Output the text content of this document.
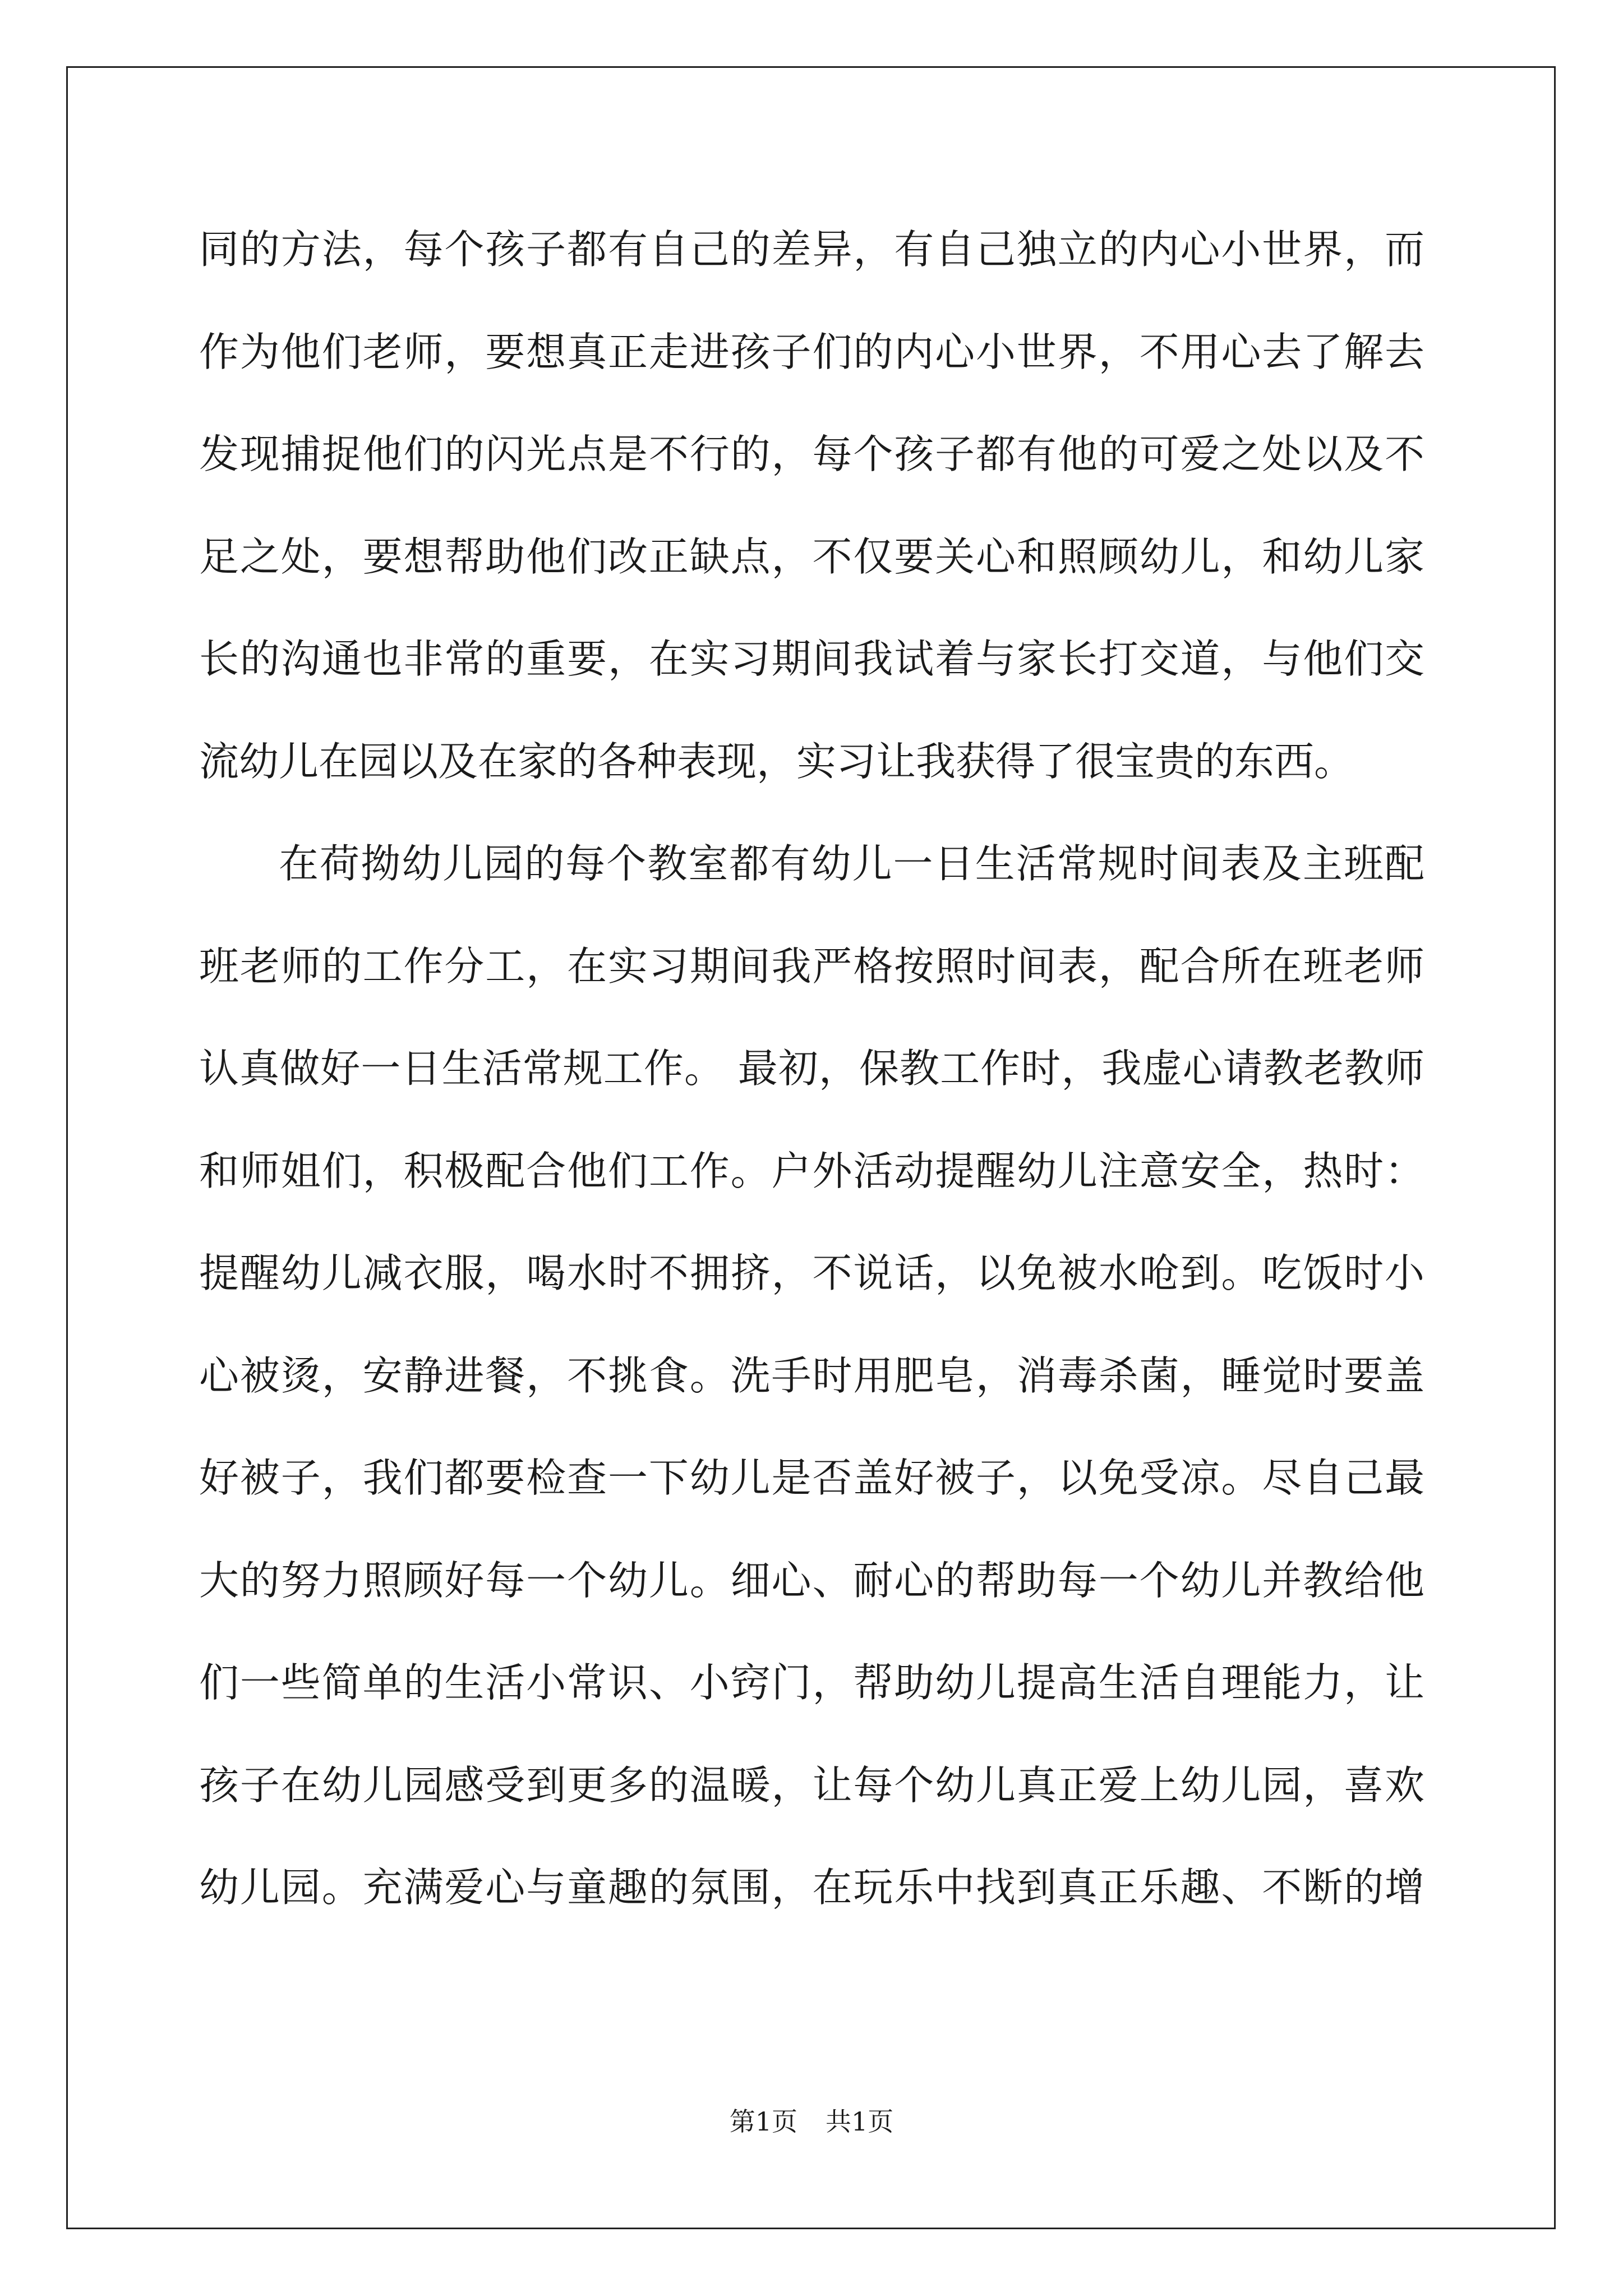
同的方法，每个孩子都有自己的差异，有自己独立的内心小世界，而
作为他们老师，要想真正走进孩子们的内心小世界，不用心去了解去
发现捕捉他们的闪光点是不行的，每个孩子都有他的可爱之处以及不
足之处，要想帮助他们改正缺点，不仅要关心和照顾幼儿，和幼儿家
长的沟通也非常的重要，在实习期间我试着与家长打交道，与他们交
流幼儿在园以及在家的各种表现，实习让我获得了很宝贵的东西。
在荷拗幼儿园的每个教室都有幼儿一日生活常规时间表及主班配
班老师的工作分工，在实习期间我严格按照时间表，配合所在班老师
认真做好一日生活常规工作。 最初，保教工作时，我虚心请教老教师
和师姐们，积极配合他们工作。户外活动提醒幼儿注意安全，热时：
提醒幼儿减衣服，喝水时不拥挤，不说话，以免被水呛到。吃饭时小
心被烫，安静进餐，不挑食。洗手时用肥皂，消毒杀菌，睡觉时要盖
好被子，我们都要检查一下幼儿是否盖好被子，以免受凉。尽自己最
大的努力照顾好每一个幼儿。细心、耐心的帮助每一个幼儿并教给他
们一些简单的生活小常识、小窍门，帮助幼儿提高生活自理能力，让
孩子在幼儿园感受到更多的温暖，让每个幼儿真正爱上幼儿园，喜欢
幼儿园。充满爱心与童趣的氛围，在玩乐中找到真正乐趣、不断的增
第1页 共1页
